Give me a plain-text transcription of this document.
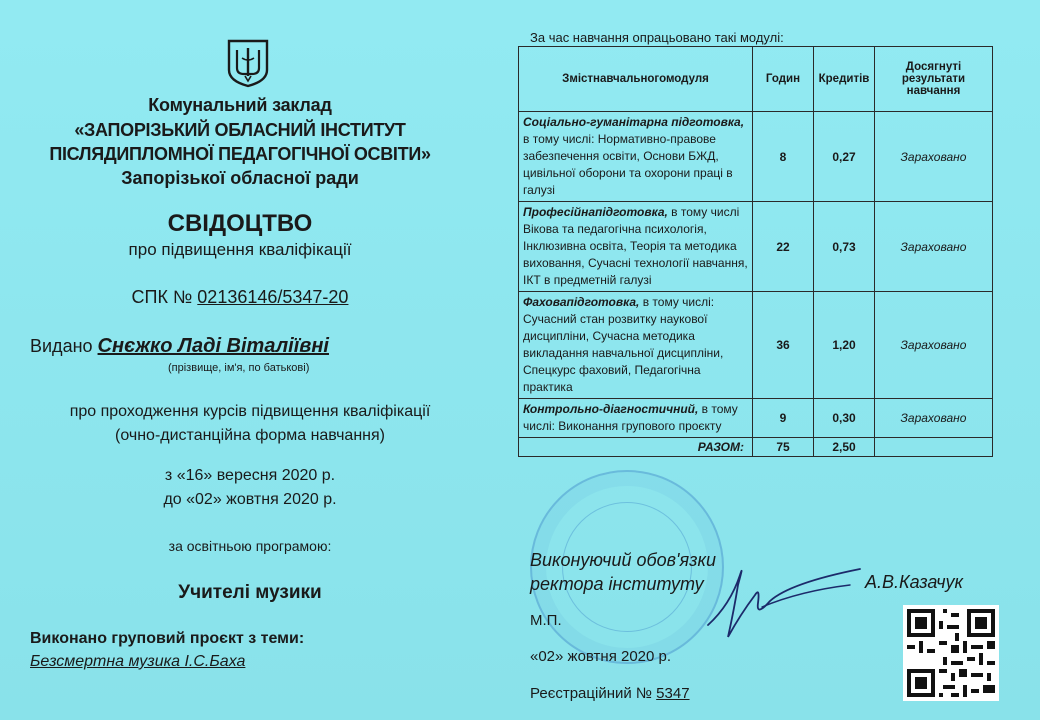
Комунальний заклад
«ЗАПОРІЗЬКИЙ ОБЛАСНИЙ ІНСТИТУТ
ПІСЛЯДИПЛОМНОЇ ПЕДАГОГІЧНОЇ ОСВІТИ»
Запорізької обласної ради
СВІДОЦТВО
про підвищення кваліфікації
СПК № 02136146/5347-20
Видано Снєжко Ладі Віталіївні
(прізвище, ім'я, по батькові)
про проходження курсів підвищення кваліфікації
(очно-дистанційна форма навчання)
з «16» вересня 2020 р.
до «02» жовтня 2020 р.
за освітньою програмою:
Учителі музики
Виконано груповий проєкт з теми:
Безсмертна музика І.С.Баха
За час навчання опрацьовано такі модулі:
Змістнавчальногомодуля	Годин	Кредитів	Досягнуті результати навчання
Соціально-гуманітарна підготовка, в тому числі: Нормативно-правове забезпечення освіти, Основи БЖД, цивільної оборони та охорони праці в галузі	8	0,27	Зараховано
Професійнапідготовка, в тому числі Вікова та педагогічна психологія, Інклюзивна освіта, Теорія та методика виховання, Сучасні технології навчання, ІКТ в предметній галузі	22	0,73	Зараховано
Фаховапідготовка, в тому числі: Сучасний стан розвитку наукової дисципліни, Сучасна методика викладання навчальної дисципліни, Спецкурс фаховий, Педагогічна практика	36	1,20	Зараховано
Контрольно-діагностичний, в тому числі: Виконання групового проєкту	9	0,30	Зараховано
РАЗОМ:	75	2,50	
Виконуючий обов'язки
ректора інституту	А.В.Казачук
М.П.
«02» жовтня 2020 р.
Реєстраційний № 5347
